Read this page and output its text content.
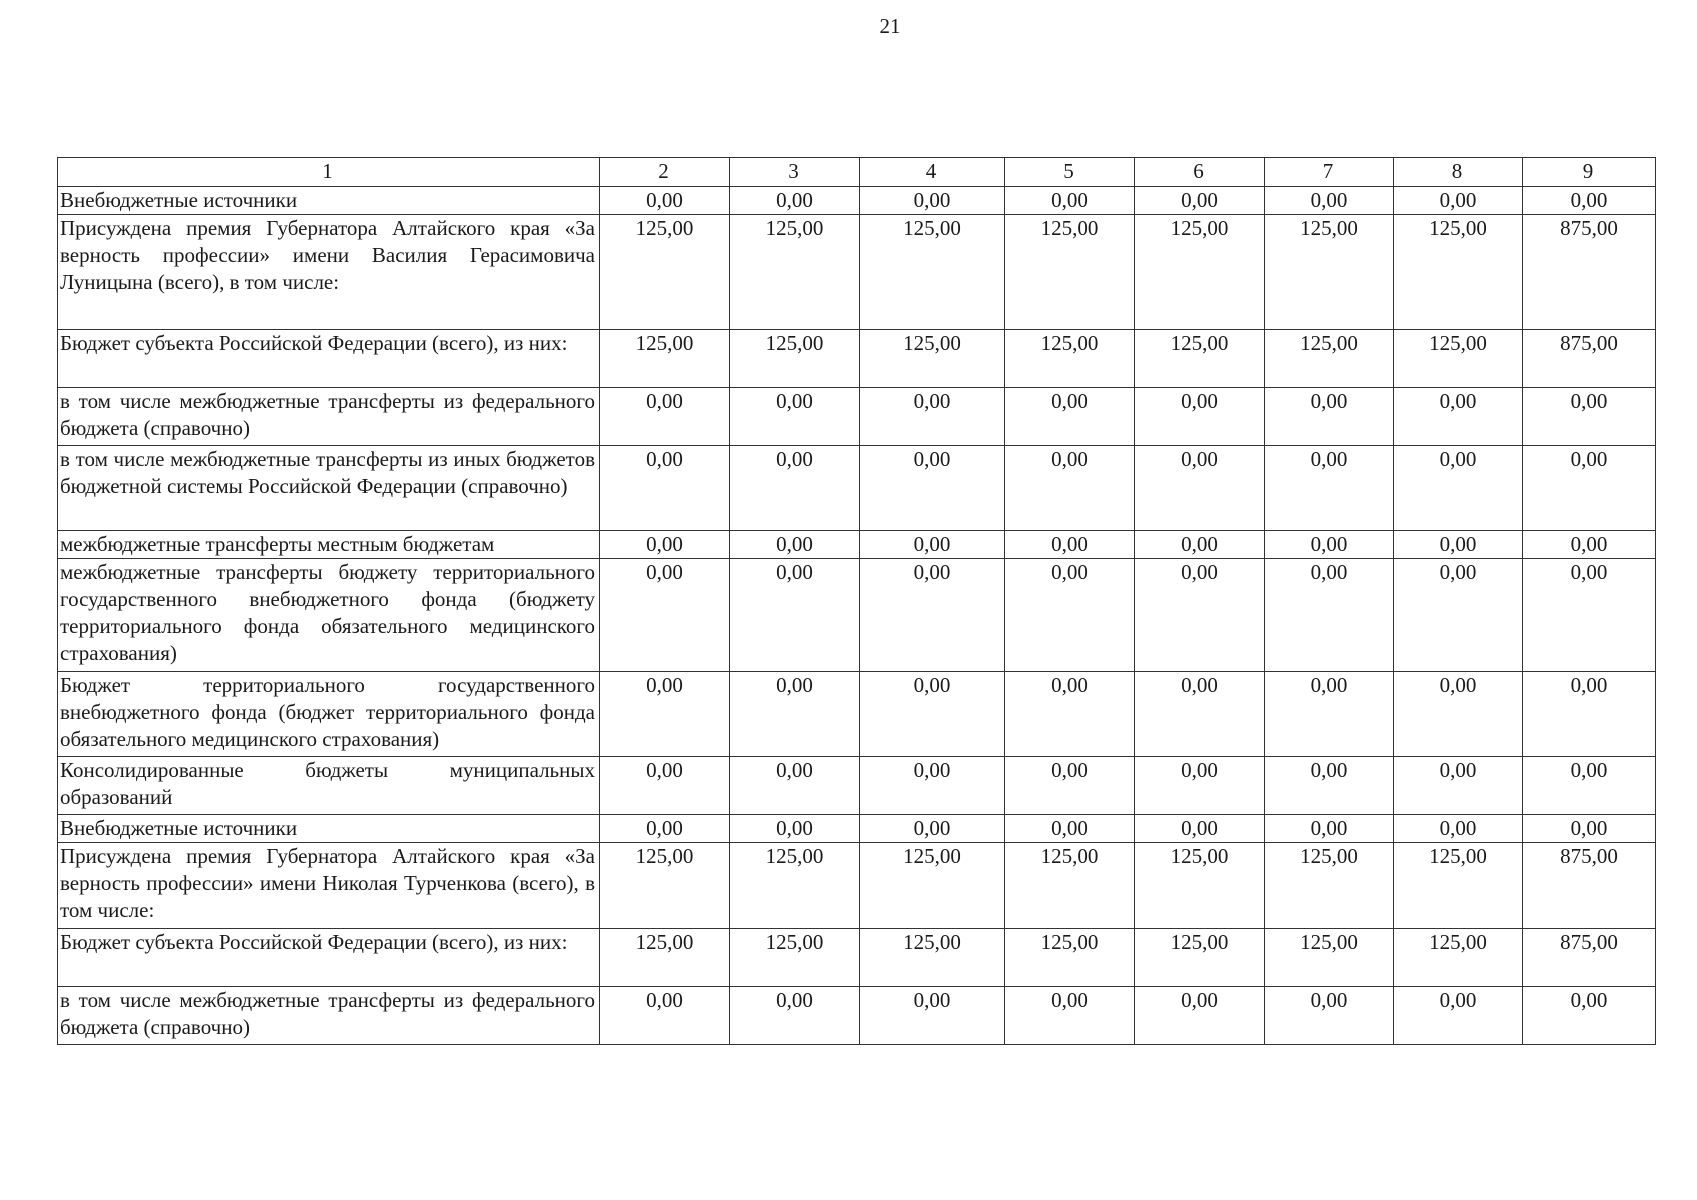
21
1	2	3	4	5	6	7	8	9
Внебюджетные источники	0,00	0,00	0,00	0,00	0,00	0,00	0,00	0,00
Присуждена премия Губернатора Алтайского края «За верность профессии» имени Василия Герасимовича Луницына (всего), в том числе:	125,00	125,00	125,00	125,00	125,00	125,00	125,00	875,00
Бюджет субъекта Российской Федерации (всего), из них:	125,00	125,00	125,00	125,00	125,00	125,00	125,00	875,00
в том числе межбюджетные трансферты из федерального бюджета (справочно)	0,00	0,00	0,00	0,00	0,00	0,00	0,00	0,00
в том числе межбюджетные трансферты из иных бюджетов бюджетной системы Российской Федерации (справочно)	0,00	0,00	0,00	0,00	0,00	0,00	0,00	0,00
межбюджетные трансферты местным бюджетам	0,00	0,00	0,00	0,00	0,00	0,00	0,00	0,00
межбюджетные трансферты бюджету территориального государственного внебюджетного фонда (бюджету территориального фонда обязательного медицинского страхования)	0,00	0,00	0,00	0,00	0,00	0,00	0,00	0,00
Бюджет территориального государственного внебюджетного фонда (бюджет территориального фонда обязательного медицинского страхования)	0,00	0,00	0,00	0,00	0,00	0,00	0,00	0,00
Консолидированные бюджеты муниципальных образований	0,00	0,00	0,00	0,00	0,00	0,00	0,00	0,00
Внебюджетные источники	0,00	0,00	0,00	0,00	0,00	0,00	0,00	0,00
Присуждена премия Губернатора Алтайского края «За верность профессии» имени Николая Турченкова (всего), в том числе:	125,00	125,00	125,00	125,00	125,00	125,00	125,00	875,00
Бюджет субъекта Российской Федерации (всего), из них:	125,00	125,00	125,00	125,00	125,00	125,00	125,00	875,00
в том числе межбюджетные трансферты из федерального бюджета (справочно)	0,00	0,00	0,00	0,00	0,00	0,00	0,00	0,00
